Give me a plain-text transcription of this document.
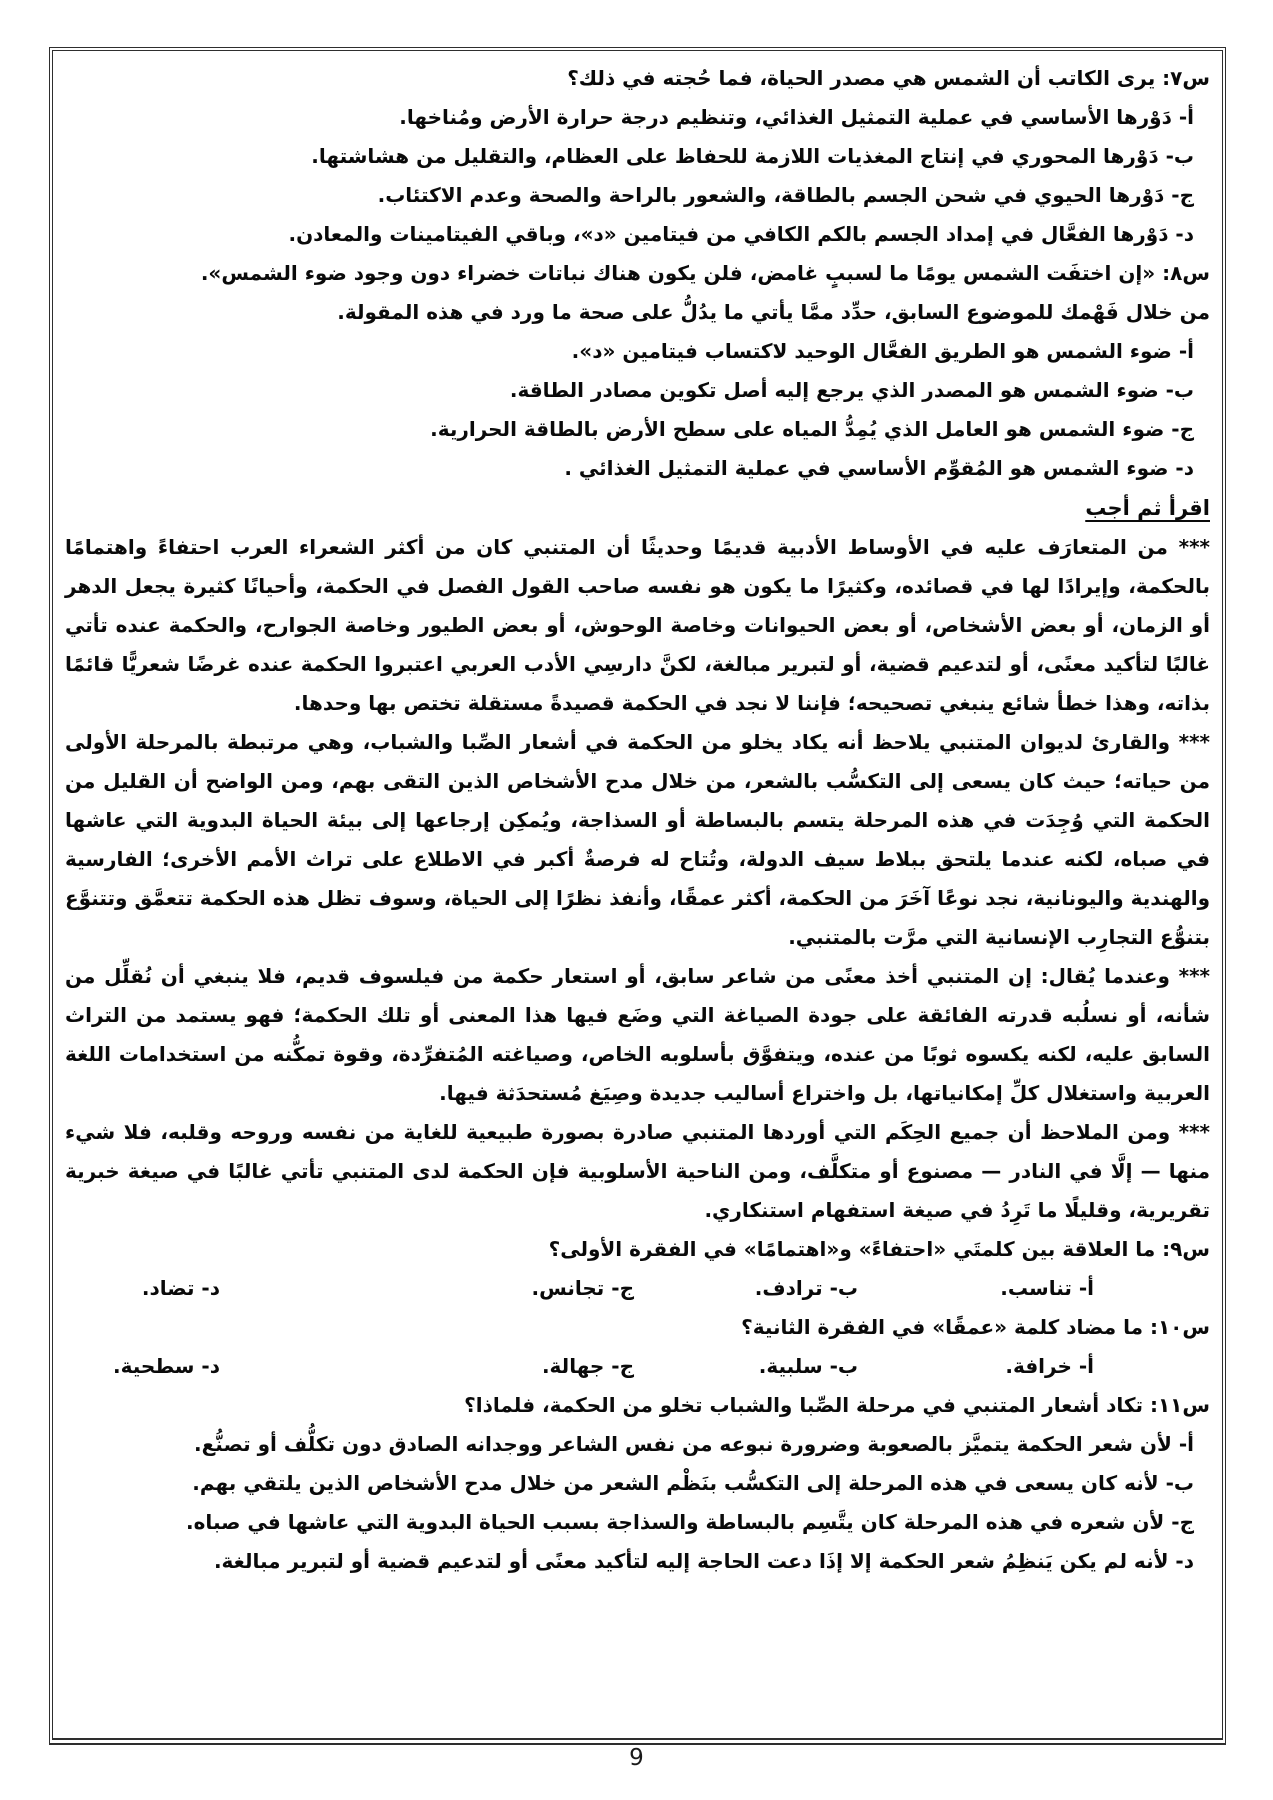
س٧: يرى الكاتب أن الشمس هي مصدر الحياة، فما حُجته في ذلك؟
أ- دَوْرها الأساسي في عملية التمثيل الغذائي، وتنظيم درجة حرارة الأرض ومُناخها.
ب- دَوْرها المحوري في إنتاج المغذيات اللازمة للحفاظ على العظام، والتقليل من هشاشتها.
ج- دَوْرها الحيوي في شحن الجسم بالطاقة، والشعور بالراحة والصحة وعدم الاكتئاب.
د- دَوْرها الفعَّال في إمداد الجسم بالكم الكافي من فيتامين «د»، وباقي الفيتامينات والمعادن.
س٨: «إن اختفَت الشمس يومًا ما لسببٍ غامض، فلن يكون هناك نباتات خضراء دون وجود ضوء الشمس».
من خلال فَهْمك للموضوع السابق، حدِّد ممَّا يأتي ما يدُلُّ على صحة ما ورد في هذه المقولة.
أ- ضوء الشمس هو الطريق الفعَّال الوحيد لاكتساب فيتامين «د».
ب- ضوء الشمس هو المصدر الذي يرجع إليه أصل تكوين مصادر الطاقة.
ج- ضوء الشمس هو العامل الذي يُمِدُّ المياه على سطح الأرض بالطاقة الحرارية.
د- ضوء الشمس هو المُقوِّم الأساسي في عملية التمثيل الغذائي .
اقرأ ثم أجب

*** من المتعارَف عليه في الأوساط الأدبية قديمًا وحديثًا أن المتنبي كان من أكثر الشعراء العرب احتفاءً واهتمامًا بالحكمة، وإيرادًا لها في قصائده، وكثيرًا ما يكون هو نفسه صاحب القول الفصل في الحكمة، وأحيانًا كثيرة يجعل الدهر أو الزمان، أو بعض الأشخاص، أو بعض الحيوانات وخاصة الوحوش، أو بعض الطيور وخاصة الجوارح، والحكمة عنده تأتي غالبًا لتأكيد معنًى، أو لتدعيم قضية، أو لتبرير مبالغة، لكنَّ دارسِي الأدب العربي اعتبروا الحكمة عنده غرضًا شعريًّا قائمًا بذاته، وهذا خطأ شائع ينبغي تصحيحه؛ فإننا لا نجد في الحكمة قصيدةً مستقلة تختص بها وحدها.

*** والقارئ لديوان المتنبي يلاحظ أنه يكاد يخلو من الحكمة في أشعار الصِّبا والشباب، وهي مرتبطة بالمرحلة الأولى من حياته؛ حيث كان يسعى إلى التكسُّب بالشعر، من خلال مدح الأشخاص الذين التقى بهم، ومن الواضح أن القليل من الحكمة التي وُجِدَت في هذه المرحلة يتسم بالبساطة أو السذاجة، ويُمكِن إرجاعها إلى بيئة الحياة البدوية التي عاشها في صباه، لكنه عندما يلتحق ببلاط سيف الدولة، وتُتاح له فرصةٌ أكبر في الاطلاع على تراث الأمم الأخرى؛ الفارسية والهندية واليونانية، نجد نوعًا آخَرَ من الحكمة، أكثر عمقًا، وأنفذ نظرًا إلى الحياة، وسوف تظل هذه الحكمة تتعمَّق وتتنوَّع بتنوُّع التجارِب الإنسانية التي مرَّت بالمتنبي.

*** وعندما يُقال: إن المتنبي أخذ معنًى من شاعر سابق، أو استعار حكمة من فيلسوف قديم، فلا ينبغي أن نُقلِّل من شأنه، أو نسلُبه قدرته الفائقة على جودة الصياغة التي وضَع فيها هذا المعنى أو تلك الحكمة؛ فهو يستمد من التراث السابق عليه، لكنه يكسوه ثوبًا من عنده، ويتفوَّق بأسلوبه الخاص، وصياغته المُتفرِّدة، وقوة تمكُّنه من استخدامات اللغة العربية واستغلال كلِّ إمكانياتها، بل واختراع أساليب جديدة وصِيَغ مُستحدَثة فيها.

*** ومن الملاحظ أن جميع الحِكَم التي أوردها المتنبي صادرة بصورة طبيعية للغاية من نفسه وروحه وقلبه، فلا شيء منها — إلَّا في النادر — مصنوع أو متكلَّف، ومن الناحية الأسلوبية فإن الحكمة لدى المتنبي تأتي غالبًا في صيغة خبرية تقريرية، وقليلًا ما تَرِدُ في صيغة استفهام استنكاري.

س٩: ما العلاقة بين كلمتَي «احتفاءً» و«اهتمامًا» في الفقرة الأولى؟
أ- تناسب.
ب- ترادف.
ج- تجانس.
د- تضاد.
س١٠: ما مضاد كلمة «عمقًا» في الفقرة الثانية؟
أ- خرافة.
ب- سلبية.
ج- جهالة.
د- سطحية.
س١١: تكاد أشعار المتنبي في مرحلة الصِّبا والشباب تخلو من الحكمة، فلماذا؟
أ- لأن شعر الحكمة يتميَّز بالصعوبة وضرورة نبوعه من نفس الشاعر ووجدانه الصادق دون تكلُّف أو تصنُّع.
ب- لأنه كان يسعى في هذه المرحلة إلى التكسُّب بنَظْم الشعر من خلال مدح الأشخاص الذين يلتقي بهم.
ج- لأن شعره في هذه المرحلة كان يتَّسِم بالبساطة والسذاجة بسبب الحياة البدوية التي عاشها في صباه.
د- لأنه لم يكن يَنظِمُ شعر الحكمة إلا إذَا دعت الحاجة إليه لتأكيد معنًى أو لتدعيم قضية أو لتبرير مبالغة.
9
